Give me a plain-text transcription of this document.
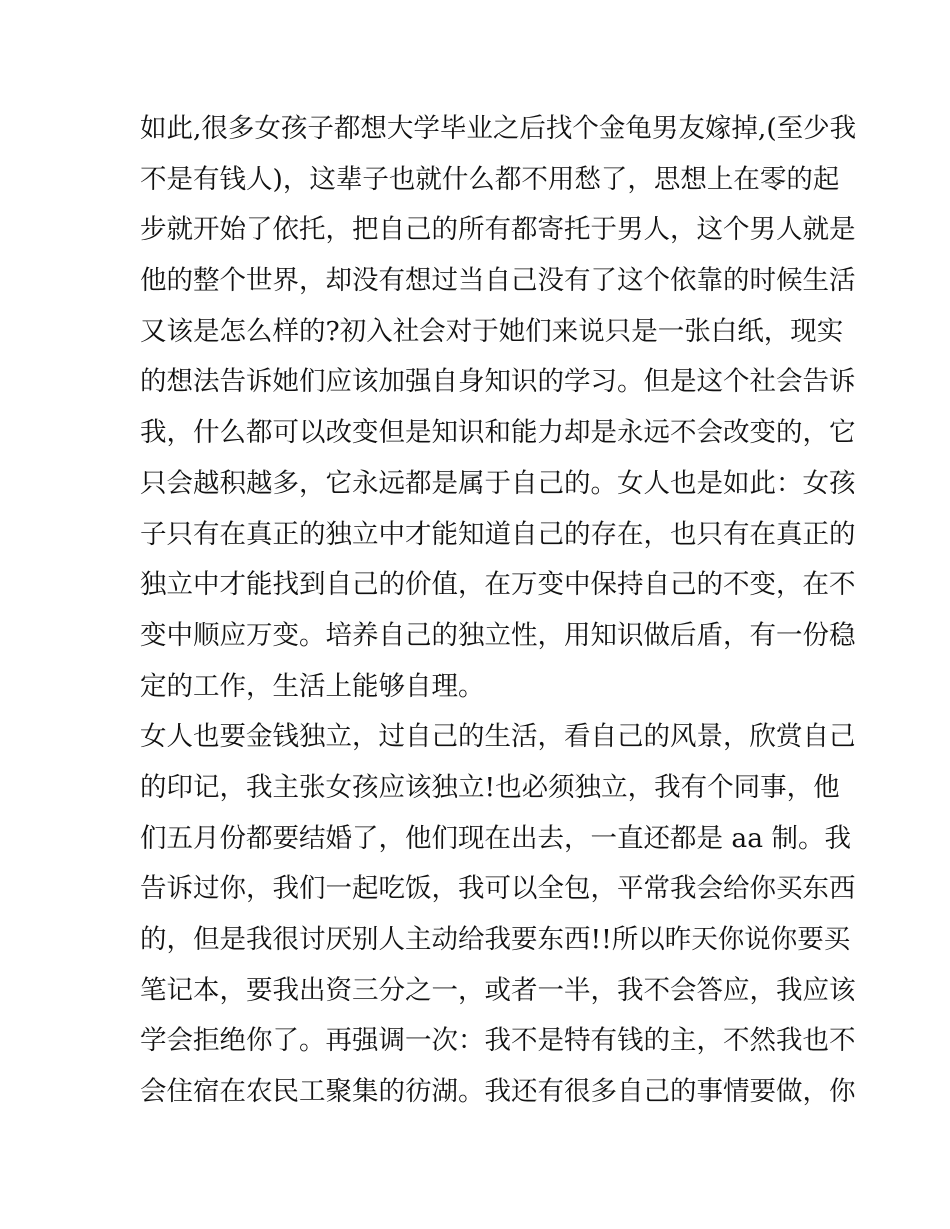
如此,很多女孩子都想大学毕业之后找个金龟男友嫁掉,(至少我
不是有钱人)，这辈子也就什么都不用愁了，思想上在零的起
步就开始了依托，把自己的所有都寄托于男人，这个男人就是
他的整个世界，却没有想过当自己没有了这个依靠的时候生活
又该是怎么样的?初入社会对于她们来说只是一张白纸，现实
的想法告诉她们应该加强自身知识的学习。但是这个社会告诉
我，什么都可以改变但是知识和能力却是永远不会改变的，它
只会越积越多，它永远都是属于自己的。女人也是如此：女孩
子只有在真正的独立中才能知道自己的存在，也只有在真正的
独立中才能找到自己的价值，在万变中保持自己的不变，在不
变中顺应万变。培养自己的独立性，用知识做后盾，有一份稳
定的工作，生活上能够自理。
女人也要金钱独立，过自己的生活，看自己的风景，欣赏自己
的印记，我主张女孩应该独立!也必须独立，我有个同事，他
们五月份都要结婚了，他们现在出去，一直还都是 aa 制。我
告诉过你，我们一起吃饭，我可以全包，平常我会给你买东西
的，但是我很讨厌别人主动给我要东西!!所以昨天你说你要买
笔记本，要我出资三分之一，或者一半，我不会答应，我应该
学会拒绝你了。再强调一次：我不是特有钱的主，不然我也不
会住宿在农民工聚集的彷湖。我还有很多自己的事情要做，你
